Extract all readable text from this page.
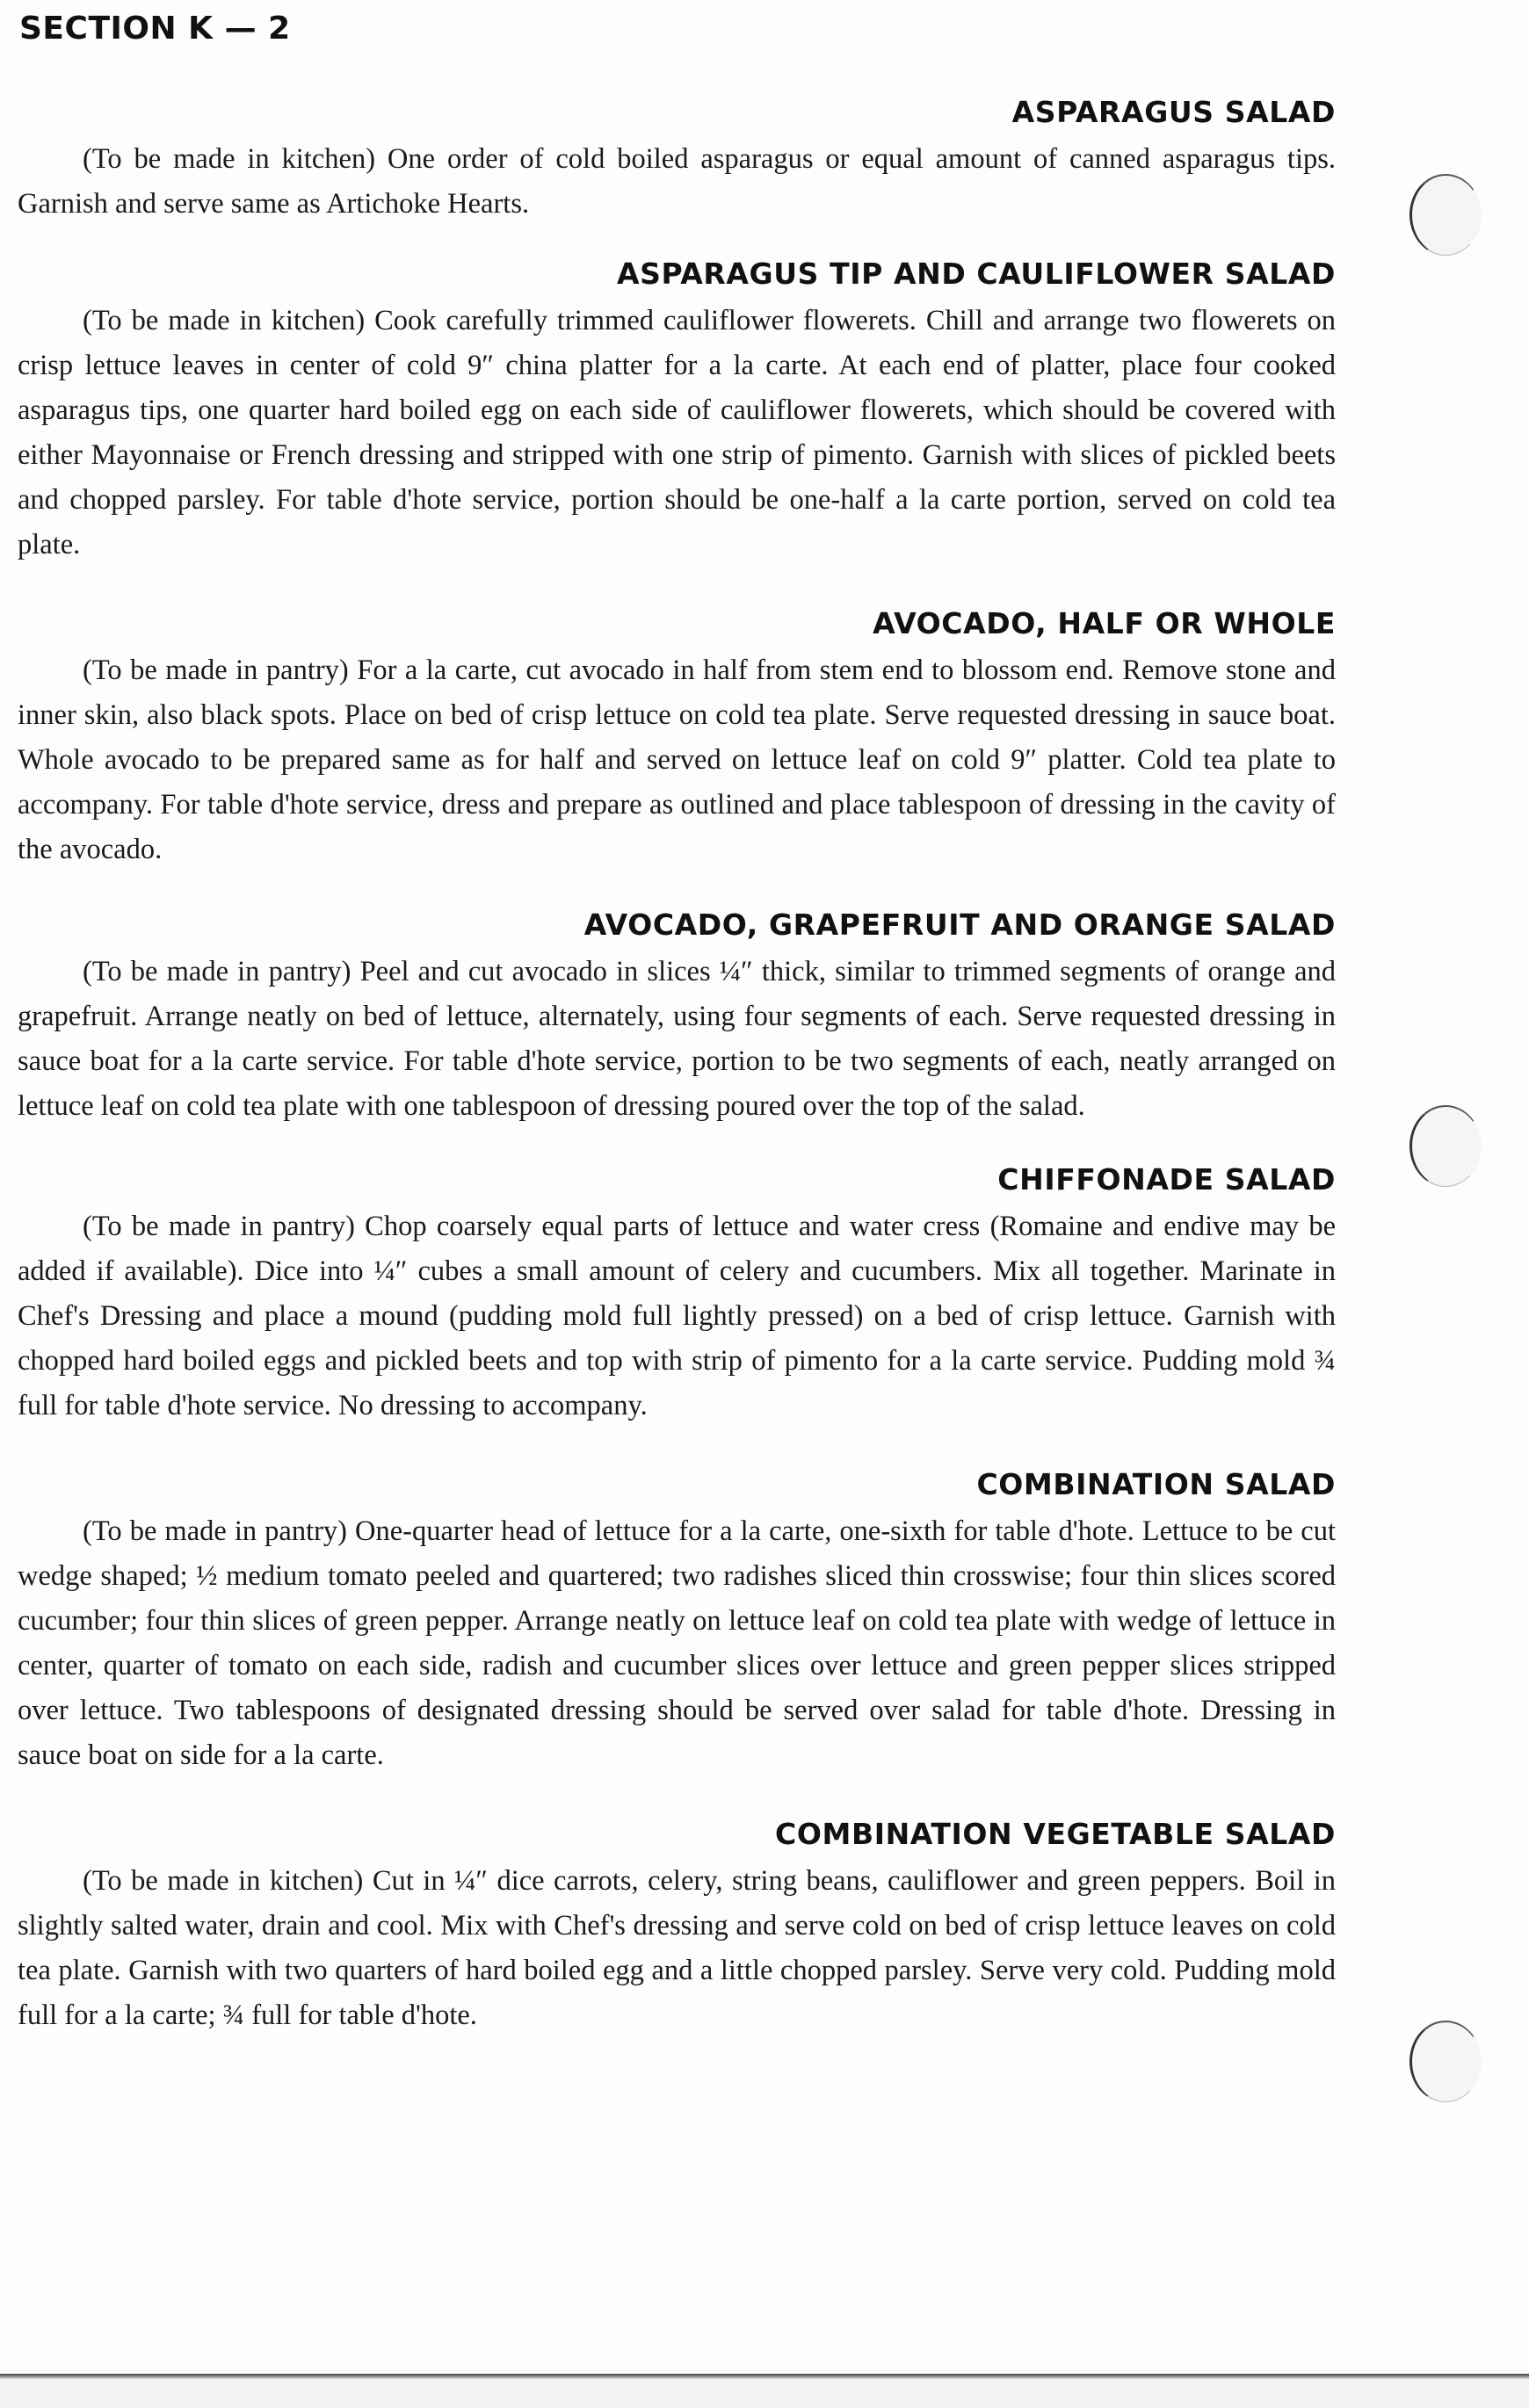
SECTION K — 2
ASPARAGUS SALAD

(To be made in kitchen) One order of cold boiled asparagus or equal amount of canned asparagus tips. Garnish and serve same as Artichoke Hearts.

ASPARAGUS TIP AND CAULIFLOWER SALAD

(To be made in kitchen) Cook carefully trimmed cauliflower flowerets. Chill and arrange two flowerets on crisp lettuce leaves in center of cold 9″ china platter for a la carte. At each end of platter, place four cooked asparagus tips, one quarter hard boiled egg on each side of cauliflower flowerets, which should be covered with either Mayonnaise or French dressing and stripped with one strip of pimento. Garnish with slices of pickled beets and chopped parsley. For table d'hote service, portion should be one-half a la carte portion, served on cold tea plate.

AVOCADO, HALF OR WHOLE

(To be made in pantry) For a la carte, cut avocado in half from stem end to blossom end. Remove stone and inner skin, also black spots. Place on bed of crisp lettuce on cold tea plate. Serve requested dressing in sauce boat. Whole avocado to be prepared same as for half and served on lettuce leaf on cold 9″ platter. Cold tea plate to accompany. For table d'hote service, dress and prepare as outlined and place tablespoon of dressing in the cavity of the avocado.

AVOCADO, GRAPEFRUIT AND ORANGE SALAD

(To be made in pantry) Peel and cut avocado in slices ¼″ thick, similar to trimmed segments of orange and grapefruit. Arrange neatly on bed of lettuce, alternately, using four segments of each. Serve requested dressing in sauce boat for a la carte service. For table d'hote service, portion to be two segments of each, neatly arranged on lettuce leaf on cold tea plate with one tablespoon of dressing poured over the top of the salad.

CHIFFONADE SALAD

(To be made in pantry) Chop coarsely equal parts of lettuce and water cress (Romaine and endive may be added if available). Dice into ¼″ cubes a small amount of celery and cucumbers. Mix all together. Marinate in Chef's Dressing and place a mound (pudding mold full lightly pressed) on a bed of crisp lettuce. Garnish with chopped hard boiled eggs and pickled beets and top with strip of pimento for a la carte service. Pudding mold ¾ full for table d'hote service. No dressing to accompany.

COMBINATION SALAD

(To be made in pantry) One-quarter head of lettuce for a la carte, one-sixth for table d'hote. Lettuce to be cut wedge shaped; ½ medium tomato peeled and quartered; two radishes sliced thin crosswise; four thin slices scored cucumber; four thin slices of green pepper. Arrange neatly on lettuce leaf on cold tea plate with wedge of lettuce in center, quarter of tomato on each side, radish and cucumber slices over lettuce and green pepper slices stripped over lettuce. Two tablespoons of designated dressing should be served over salad for table d'hote. Dressing in sauce boat on side for a la carte.

COMBINATION VEGETABLE SALAD

(To be made in kitchen) Cut in ¼″ dice carrots, celery, string beans, cauliflower and green peppers. Boil in slightly salted water, drain and cool. Mix with Chef's dressing and serve cold on bed of crisp lettuce leaves on cold tea plate. Garnish with two quarters of hard boiled egg and a little chopped parsley. Serve very cold. Pudding mold full for a la carte; ¾ full for table d'hote.
